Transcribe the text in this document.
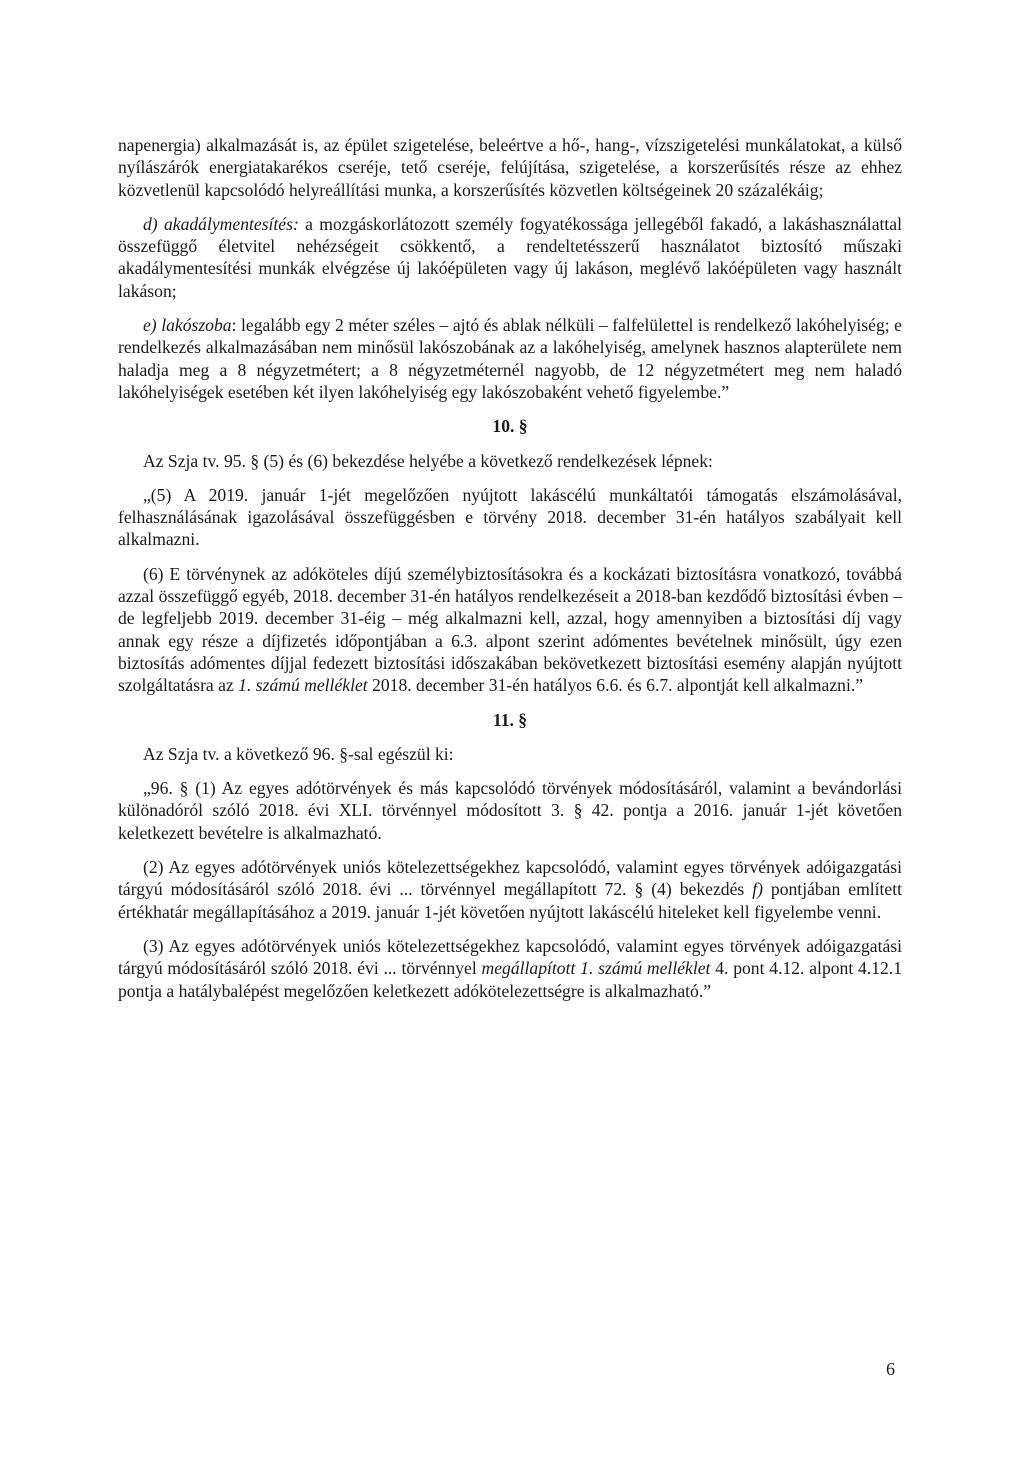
napenergia) alkalmazását is, az épület szigetelése, beleértve a hő-, hang-, vízszigetelési munkálatokat, a külső nyílászárók energiatakarékos cseréje, tető cseréje, felújítása, szigetelése, a korszerűsítés része az ehhez közvetlenül kapcsolódó helyreállítási munka, a korszerűsítés közvetlen költségeinek 20 százalékáig;

d) akadálymentesítés: a mozgáskorlátozott személy fogyatékossága jellegéből fakadó, a lakáshasználattal összefüggő életvitel nehézségeit csökkentő, a rendeltetésszerű használatot biztosító műszaki akadálymentesítési munkák elvégzése új lakóépületen vagy új lakáson, meglévő lakóépületen vagy használt lakáson;

e) lakószoba: legalább egy 2 méter széles – ajtó és ablak nélküli – falfelülettel is rendelkező lakóhelyiség; e rendelkezés alkalmazásában nem minősül lakószobának az a lakóhelyiség, amelynek hasznos alapterülete nem haladja meg a 8 négyzetmétert; a 8 négyzetméternél nagyobb, de 12 négyzetmétert meg nem haladó lakóhelyiségek esetében két ilyen lakóhelyiség egy lakószobaként vehető figyelembe.”

10. §

Az Szja tv. 95. § (5) és (6) bekezdése helyébe a következő rendelkezések lépnek:

„(5) A 2019. január 1-jét megelőzően nyújtott lakáscélú munkáltatói támogatás elszámolásával, felhasználásának igazolásával összefüggésben e törvény 2018. december 31-én hatályos szabályait kell alkalmazni.

(6) E törvénynek az adóköteles díjú személybiztosításokra és a kockázati biztosításra vonatkozó, továbbá azzal összefüggő egyéb, 2018. december 31-én hatályos rendelkezéseit a 2018-ban kezdődő biztosítási évben – de legfeljebb 2019. december 31-éig – még alkalmazni kell, azzal, hogy amennyiben a biztosítási díj vagy annak egy része a díjfizetés időpontjában a 6.3. alpont szerint adómentes bevételnek minősült, úgy ezen biztosítás adómentes díjjal fedezett biztosítási időszakában bekövetkezett biztosítási esemény alapján nyújtott szolgáltatásra az 1. számú melléklet 2018. december 31-én hatályos 6.6. és 6.7. alpontját kell alkalmazni.”

11. §

Az Szja tv. a következő 96. §-sal egészül ki:

„96. § (1) Az egyes adótörvények és más kapcsolódó törvények módosításáról, valamint a bevándorlási különadóról szóló 2018. évi XLI. törvénnyel módosított 3. § 42. pontja a 2016. január 1-jét követően keletkezett bevételre is alkalmazható.

(2) Az egyes adótörvények uniós kötelezettségekhez kapcsolódó, valamint egyes törvények adóigazgatási tárgyú módosításáról szóló 2018. évi ... törvénnyel megállapított 72. § (4) bekezdés f) pontjában említett értékhatár megállapításához a 2019. január 1-jét követően nyújtott lakáscélú hiteleket kell figyelembe venni.

(3) Az egyes adótörvények uniós kötelezettségekhez kapcsolódó, valamint egyes törvények adóigazgatási tárgyú módosításáról szóló 2018. évi ... törvénnyel megállapított 1. számú melléklet 4. pont 4.12. alpont 4.12.1 pontja a hatálybalépést megelőzően keletkezett adókötelezettségre is alkalmazható.”

6
